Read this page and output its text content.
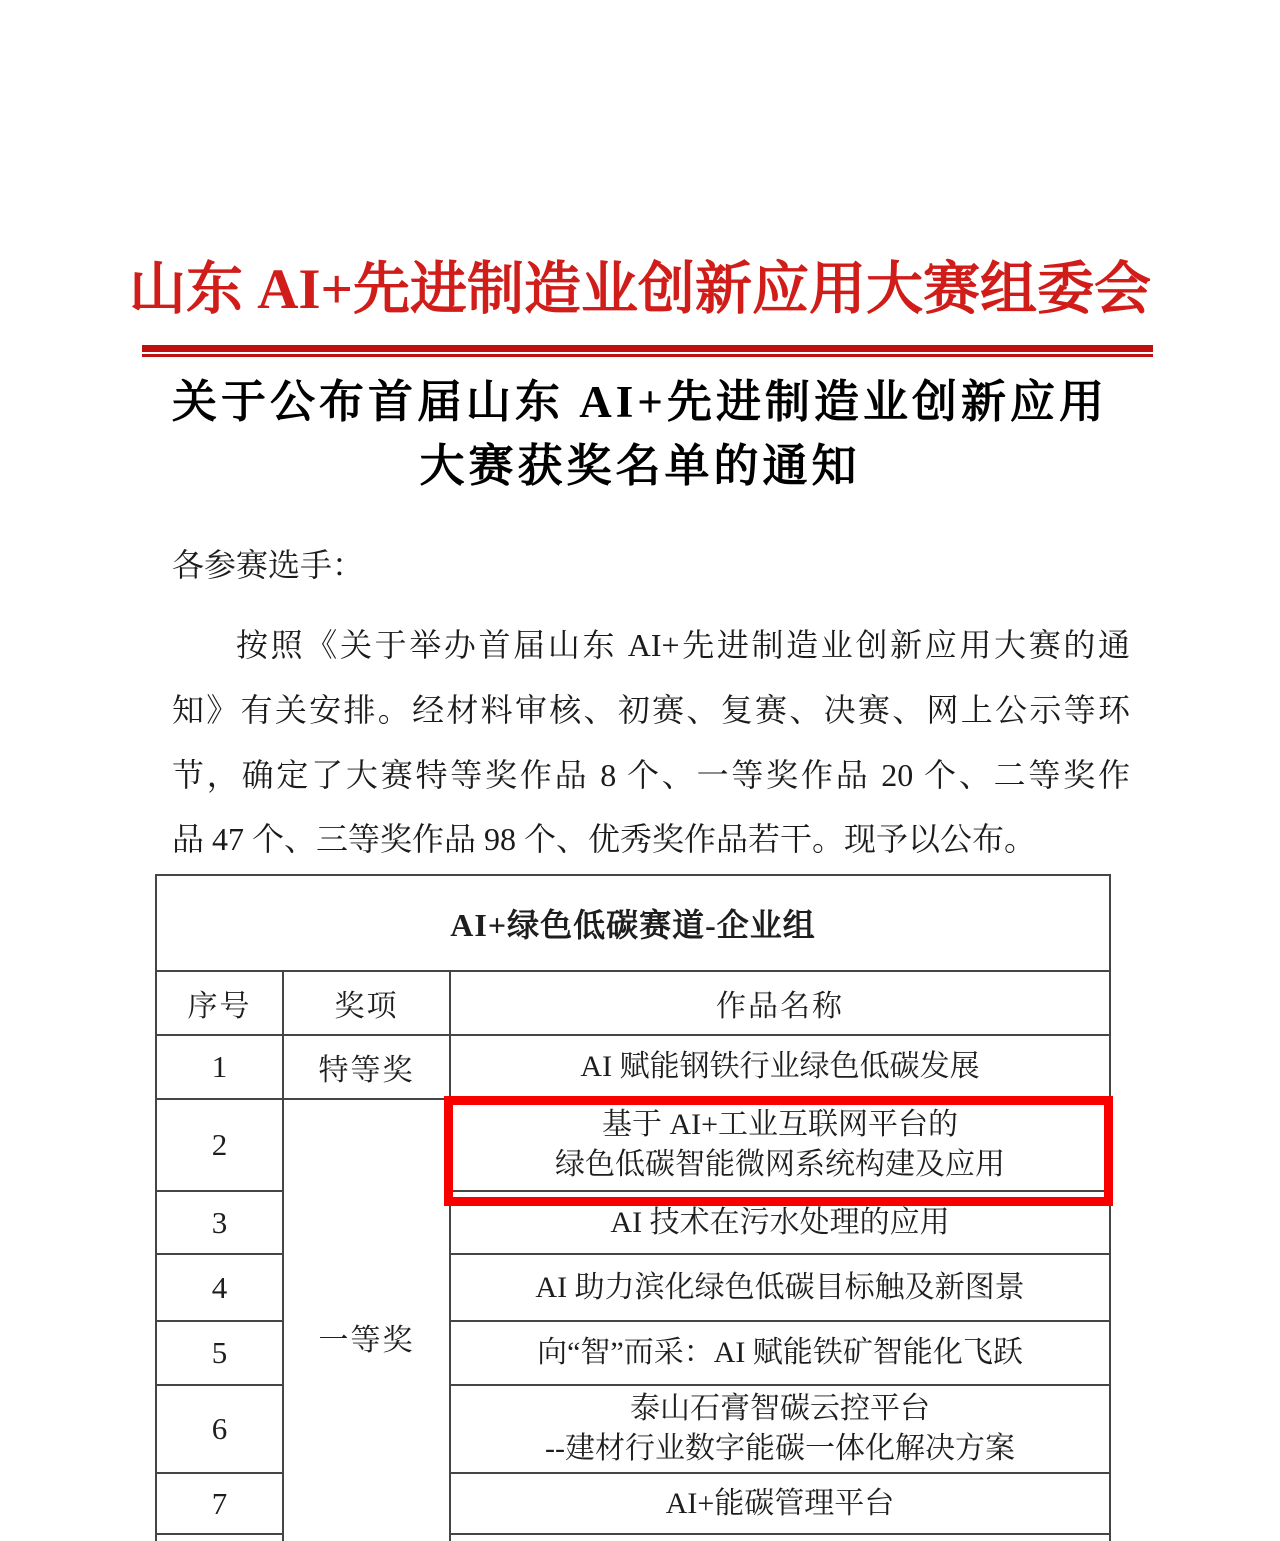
山东 AI+先进制造业创新应用大赛组委会
关于公布首届山东 AI+先进制造业创新应用
大赛获奖名单的通知
各参赛选手：
按照《关于举办首届山东 AI+先进制造业创新应用大赛的通
知》有关安排。经材料审核、初赛、复赛、决赛、网上公示等环
节，确定了大赛特等奖作品 8 个、一等奖作品 20 个、二等奖作
品 47 个、三等奖作品 98 个、优秀奖作品若干。现予以公布。
AI+绿色低碳赛道-企业组		
序号	奖项	作品名称
1	特等奖	AI 赋能钢铁行业绿色低碳发展

2	一等奖	基于 AI+工业互联网平台的
绿色低碳智能微网系统构建及应用

3		AI 技术在污水处理的应用

4		AI 助力滨化绿色低碳目标触及新图景

5		向“智”而采：AI 赋能铁矿智能化飞跃

6		泰山石膏智碳云控平台
--建材行业数字能碳一体化解决方案

7		AI+能碳管理平台
